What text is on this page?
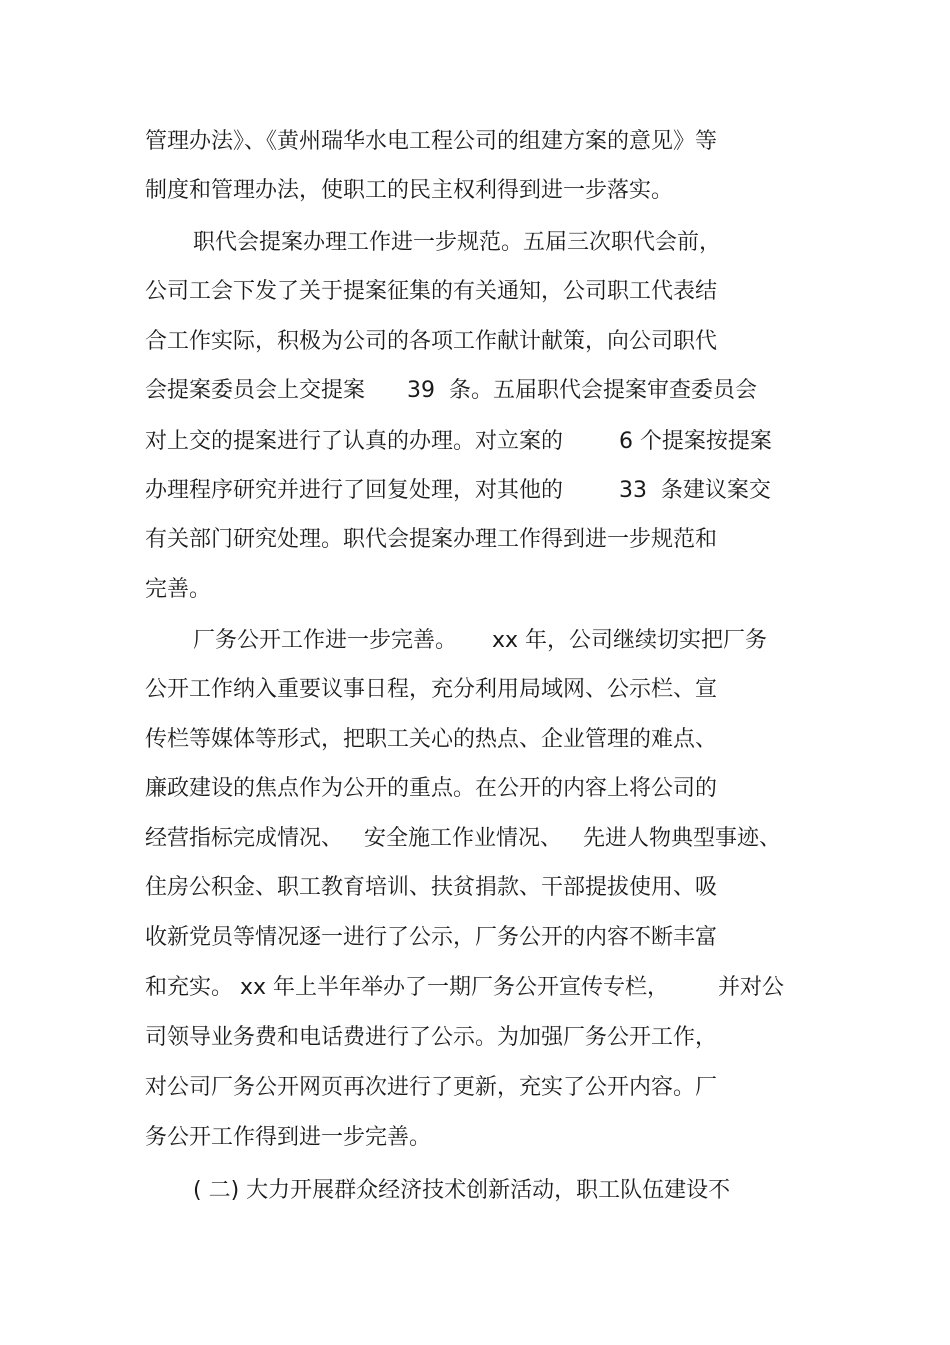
管理办法》、《黄州瑞华水电工程公司的组建方案的意见》等
制度和管理办法，使职工的民主权利得到进一步落实。
职代会提案办理工作进一步规范。五届三次职代会前，
公司工会下发了关于提案征集的有关通知，公司职工代表结
合工作实际，积极为公司的各项工作献计献策，向公司职代
会提案委员会上交提案      39  条。五届职代会提案审查委员会
对上交的提案进行了认真的办理。对立案的        6 个提案按提案
办理程序研究并进行了回复处理，对其他的        33  条建议案交
有关部门研究处理。职代会提案办理工作得到进一步规范和
完善。
厂务公开工作进一步完善。     xx 年，公司继续切实把厂务
公开工作纳入重要议事日程，充分利用局域网、公示栏、宣
传栏等媒体等形式，把职工关心的热点、企业管理的难点、
廉政建设的焦点作为公开的重点。在公开的内容上将公司的
经营指标完成情况、   安全施工作业情况、   先进人物典型事迹、
住房公积金、职工教育培训、扶贫捐款、干部提拔使用、吸
收新党员等情况逐一进行了公示，厂务公开的内容不断丰富
和充实。 xx 年上半年举办了一期厂务公开宣传专栏，       并对公
司领导业务费和电话费进行了公示。为加强厂务公开工作，
对公司厂务公开网页再次进行了更新，充实了公开内容。厂
务公开工作得到进一步完善。
( 二) 大力开展群众经济技术创新活动，职工队伍建设不
